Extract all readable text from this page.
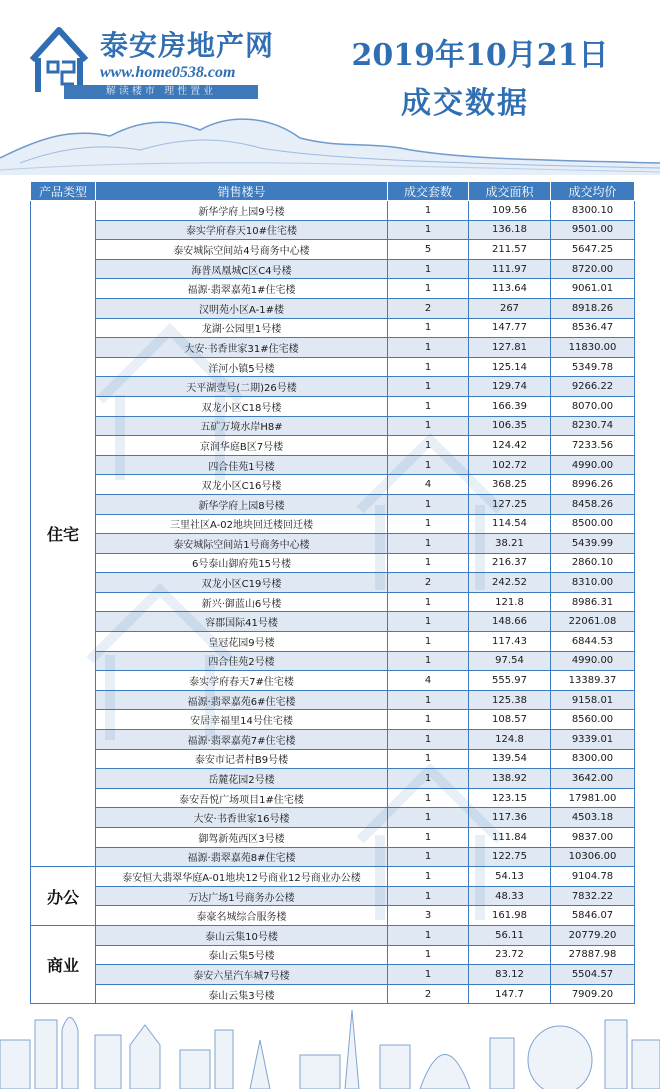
泰安房地产网
www.home0538.com
解读楼市 理性置业
2019年10月21日
成交数据
产品类型	销售楼号	成交套数	成交面积	成交均价
住宅	新华学府上园9号楼	1	109.56	8300.10
	泰实学府春天10#住宅楼	1	136.18	9501.00
	泰安城际空间站4号商务中心楼	5	211.57	5647.25
	海普凤凰城C区C4号楼	1	111.97	8720.00
	福源·翡翠嘉苑1#住宅楼	1	113.64	9061.01
	汉明苑小区A-1#楼	2	267	8918.26
	龙湖·公园里1号楼	1	147.77	8536.47
	大安·书香世家31#住宅楼	1	127.81	11830.00
	洋河小镇5号楼	1	125.14	5349.78
	天平湖壹号(二期)26号楼	1	129.74	9266.22
	双龙小区C18号楼	1	166.39	8070.00
	五矿万境水岸H8#	1	106.35	8230.74
	京润华庭B区7号楼	1	124.42	7233.56
	四合佳苑1号楼	1	102.72	4990.00
	双龙小区C16号楼	4	368.25	8996.26
	新华学府上园8号楼	1	127.25	8458.26
	三里社区A-02地块回迁楼回迁楼	1	114.54	8500.00
	泰安城际空间站1号商务中心楼	1	38.21	5439.99
	6号泰山御府苑15号楼	1	216.37	2860.10
	双龙小区C19号楼	2	242.52	8310.00
	新兴·御蓝山6号楼	1	121.8	8986.31
	容郡国际41号楼	1	148.66	22061.08
	皇冠花园9号楼	1	117.43	6844.53
	四合佳苑2号楼	1	97.54	4990.00
	泰实学府春天7#住宅楼	4	555.97	13389.37
	福源·翡翠嘉苑6#住宅楼	1	125.38	9158.01
	安居幸福里14号住宅楼	1	108.57	8560.00
	福源·翡翠嘉苑7#住宅楼	1	124.8	9339.01
	泰安市记者村B9号楼	1	139.54	8300.00
	岳麓花园2号楼	1	138.92	3642.00
	泰安吾悦广场项目1#住宅楼	1	123.15	17981.00
	大安·书香世家16号楼	1	117.36	4503.18
	御驾新苑西区3号楼	1	111.84	9837.00
	福源·翡翠嘉苑8#住宅楼	1	122.75	10306.00
办公	泰安恒大翡翠华庭A-01地块12号商业12号商业办公楼	1	54.13	9104.78
	万达广场1号商务办公楼	1	48.33	7832.22
	泰豪名城综合服务楼	3	161.98	5846.07
商业	泰山云集10号楼	1	56.11	20779.20
	泰山云集5号楼	1	23.72	27887.98
	泰安六星汽车城7号楼	1	83.12	5504.57
	泰山云集3号楼	2	147.7	7909.20
